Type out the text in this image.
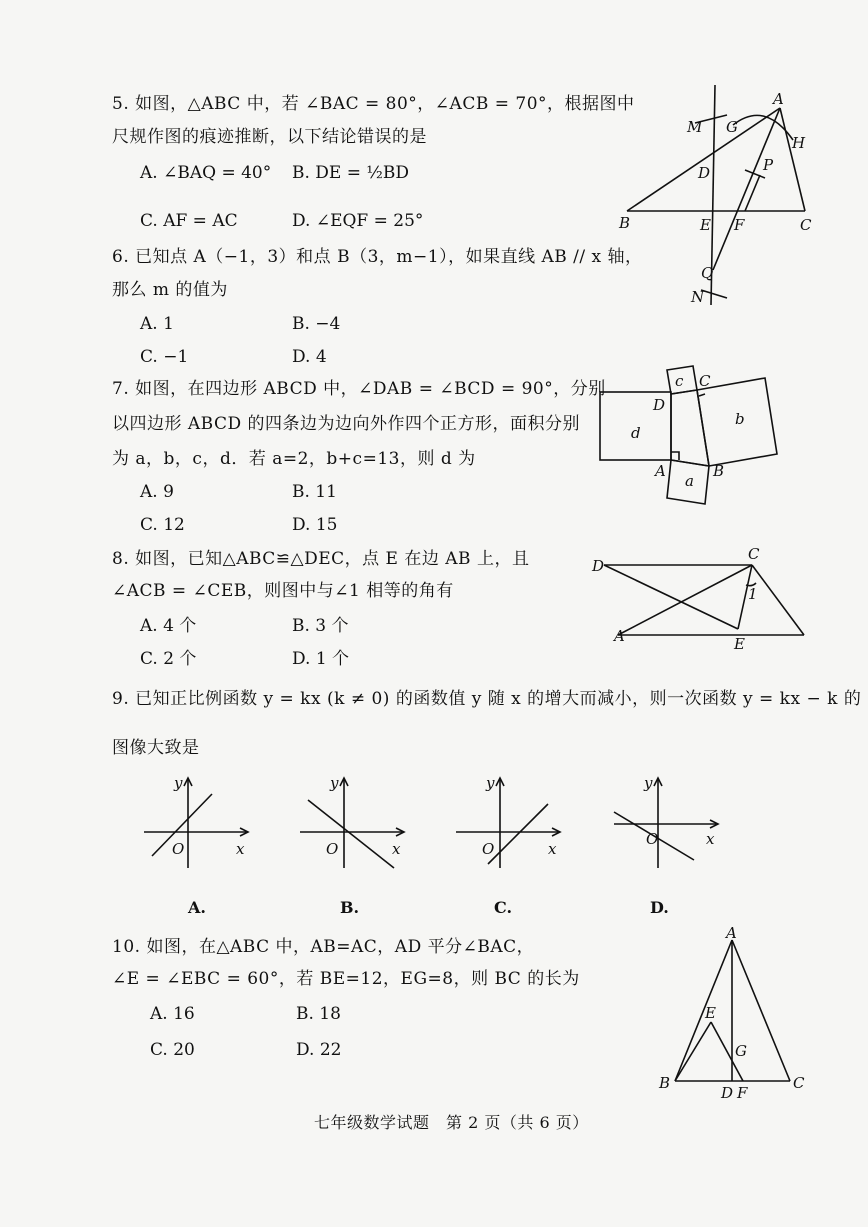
5. 如图，△ABC 中，若 ∠BAC = 80°，∠ACB = 70°，根据图中
尺规作图的痕迹推断，以下结论错误的是
A. ∠BAQ = 40° B. DE = ½BD
C. AF = AC	D. ∠EQF = 25°
A
M G
H
D	P
B	E F	C
Q
N
6. 已知点 A（−1，3）和点 B（3，m−1），如果直线 AB // x 轴，
那么 m 的值为
A. 1	B. −4
C. −1	D. 4
7. 如图，在四边形 ABCD 中，∠DAB = ∠BCD = 90°，分别
以四边形 ABCD 的四条边为边向外作四个正方形，面积分别
为 a，b，c，d．若 a=2，b+c=13，则 d 为
A. 9	B. 11
C. 12	D. 15
c C
D
b
d
A	B
a
8. 如图，已知△ABC≌△DEC，点 E 在边 AB 上，且
∠ACB = ∠CEB，则图中与∠1 相等的角有
A. 4 个	B. 3 个
C. 2 个	D. 1 个
D
C
1
A	E
9. 已知正比例函数 y = kx (k ≠ 0) 的函数值 y 随 x 的增大而减小，则一次函数 y = kx − k 的
图像大致是
y
x
O
A.
y
x
O
B.
y
x
O
C.
y
x
O
D.
10. 如图，在△ABC 中，AB=AC，AD 平分∠BAC，
∠E = ∠EBC = 60°，若 BE=12，EG=8，则 BC 的长为
A. 16	B. 18
C. 20	D. 22
A
E
G
B
D F
C
七年级数学试题　第 2 页（共 6 页）
